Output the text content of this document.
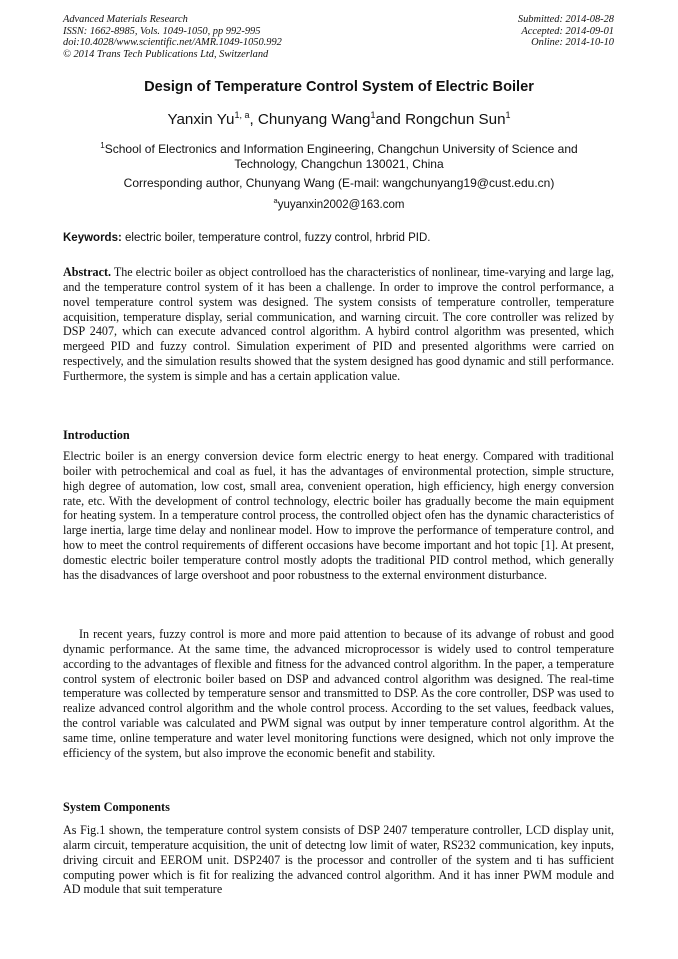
Advanced Materials Research
ISSN: 1662-8985, Vols. 1049-1050, pp 992-995
doi:10.4028/www.scientific.net/AMR.1049-1050.992
© 2014 Trans Tech Publications Ltd, Switzerland
Submitted: 2014-08-28
Accepted: 2014-09-01
Online: 2014-10-10
Design of Temperature Control System of Electric Boiler
Yanxin Yu$^{1, a}$, Chunyang Wang$^1$and Rongchun Sun$^1$
$^1$School of Electronics and Information Engineering, Changchun University of Science and Technology, Changchun 130021, China
Corresponding author, Chunyang Wang (E-mail: wangchunyang19@cust.edu.cn)
$^a$yuyanxin2002@163.com
Keywords: electric boiler, temperature control, fuzzy control, hrbrid PID.

Abstract. The electric boiler as object controlloed has the characteristics of nonlinear, time-varying and large lag, and the temperature control system of it has been a challenge. In order to improve the control performance, a novel temperature control system was designed. The system consists of temperature controller, temperature acquisition, temperature display, serial communication, and warning circuit. The core controller was relized by DSP 2407, which can execute advanced control algorithm. A hybird control algorithm was presented, which mergeed PID and fuzzy control. Simulation experiment of PID and presented algorithms were carried on respectively, and the simulation results showed that the system designed has good dynamic and still performance. Furthermore, the system is simple and has a certain application value.

Introduction

Electric boiler is an energy conversion device form electric energy to heat energy. Compared with traditional boiler with petrochemical and coal as fuel, it has the advantages of environmental protection, simple structure, high degree of automation, low cost, small area, convenient operation, high efficiency, high energy conversion rate, etc. With the development of control technology, electric boiler has gradually become the main equipment for heating system. In a temperature control process, the controlled object ofen has the dynamic characteristics of large inertia, large time delay and nonlinear model. How to improve the performance of temperature control, and how to meet the control requirements of different occasions have become important and hot topic [1]. At present, domestic electric boiler temperature control mostly adopts the traditional PID control method, which generally has the disadvances of large overshoot and poor robustness to the external environment disturbance.

In recent years, fuzzy control is more and more paid attention to because of its advange of robust and good dynamic performance. At the same time, the advanced microprocessor is widely used to control temperature according to the advantages of flexible and fitness for the advanced control algorithm. In the paper, a temperature control system of electronic boiler based on DSP and advanced control algorithm was designed. The real-time temperature was collected by temperature sensor and transmitted to DSP. As the core controller, DSP was used to realize advanced control algorithm and the whole control process. According to the set values, feedback values, the control variable was calculated and PWM signal was output by inner temperature control algorithm. At the same time, online temperature and water level monitoring functions were designed, which not only improve the efficiency of the system, but also improve the economic benefit and stability.

System Components

As Fig.1 shown, the temperature control system consists of DSP 2407 temperature controller, LCD display unit, alarm circuit, temperature acquisition, the unit of detectng low limit of water, RS232 communication, key inputs, driving circuit and EEROM unit. DSP2407 is the processor and controller of the system and ti has sufficient computing power which is fit for realizing the advanced control algorithm. And it has inner PWM module and AD module that suit temperature
